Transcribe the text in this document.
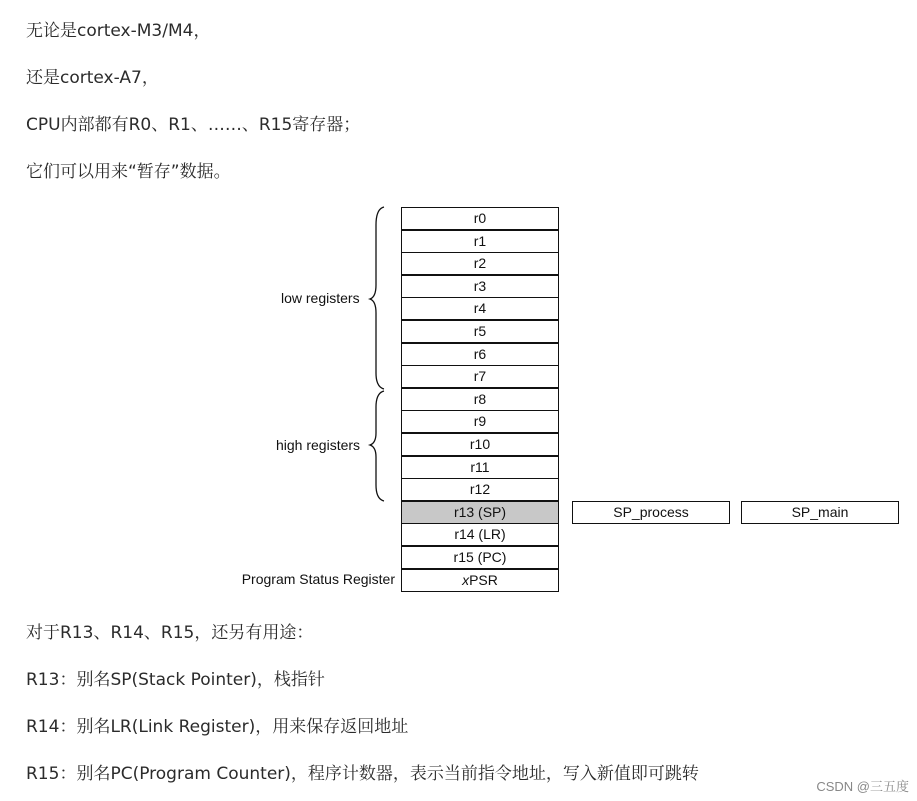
无论是cortex-M3/M4，
还是cortex-A7，
CPU内部都有R0、R1、……、R15寄存器；
它们可以用来“暂存”数据。
low registers
high registers
r0
r1
r2
r3
r4
r5
r6
r7
r8
r9
r10
r11
r12
r13 (SP)
r14 (LR)
r15 (PC)
xPSR
Program Status Register
SP_process	SP_main
对于R13、R14、R15，还另有用途：
R13：别名SP(Stack Pointer)，栈指针
R14：别名LR(Link Register)，用来保存返回地址
R15：别名PC(Program Counter)，程序计数器，表示当前指令地址，写入新值即可跳转
CSDN @三五度
